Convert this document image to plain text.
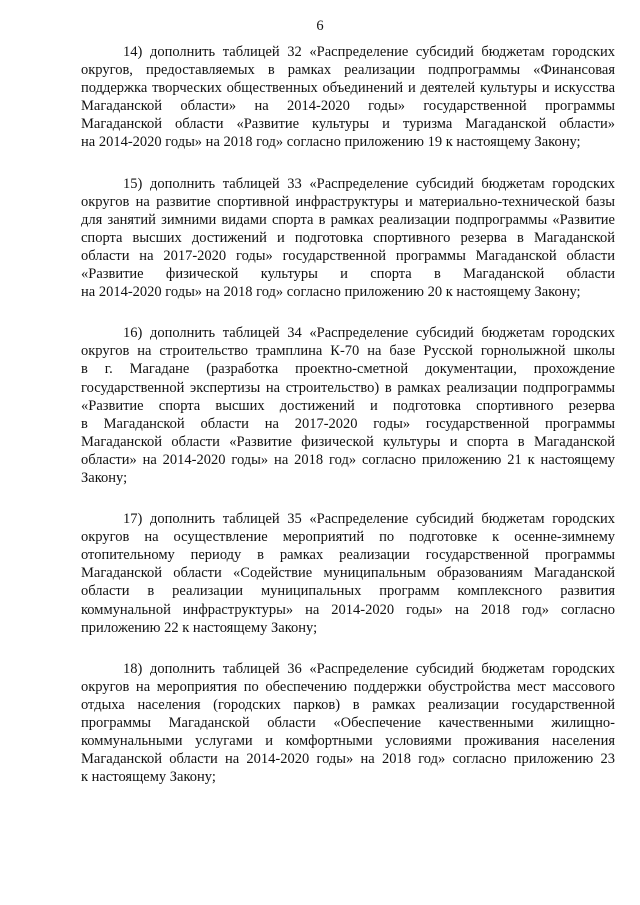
6
14) дополнить таблицей 32 «Распределение субсидий бюджетам городских
округов, предоставляемых в рамках реализации подпрограммы «Финансовая
поддержка творческих общественных объединений и деятелей культуры и искусства
Магаданской области» на 2014-2020 годы» государственной программы
Магаданской области «Развитие культуры и туризма Магаданской области»
на 2014-2020 годы» на 2018 год» согласно приложению 19 к настоящему Закону;
15) дополнить таблицей 33 «Распределение субсидий бюджетам городских
округов на развитие спортивной инфраструктуры и материально-технической базы
для занятий зимними видами спорта в рамках реализации подпрограммы «Развитие
спорта высших достижений и подготовка спортивного резерва в Магаданской
области на 2017-2020 годы» государственной программы Магаданской области
«Развитие физической культуры и спорта в Магаданской области
на 2014-2020 годы» на 2018 год» согласно приложению 20 к настоящему Закону;
16) дополнить таблицей 34 «Распределение субсидий бюджетам городских
округов на строительство трамплина К-70 на базе Русской горнолыжной школы
в г. Магадане (разработка проектно-сметной документации, прохождение
государственной экспертизы на строительство) в рамках реализации подпрограммы
«Развитие спорта высших достижений и подготовка спортивного резерва
в Магаданской области на 2017-2020 годы» государственной программы
Магаданской области «Развитие физической культуры и спорта в Магаданской
области» на 2014-2020 годы» на 2018 год» согласно приложению 21 к настоящему
Закону;
17) дополнить таблицей 35 «Распределение субсидий бюджетам городских
округов на осуществление мероприятий по подготовке к осенне-зимнему
отопительному периоду в рамках реализации государственной программы
Магаданской области «Содействие муниципальным образованиям Магаданской
области в реализации муниципальных программ комплексного развития
коммунальной инфраструктуры» на 2014-2020 годы» на 2018 год» согласно
приложению 22 к настоящему Закону;
18) дополнить таблицей 36 «Распределение субсидий бюджетам городских
округов на мероприятия по обеспечению поддержки обустройства мест массового
отдыха населения (городских парков) в рамках реализации государственной
программы Магаданской области «Обеспечение качественными жилищно-
коммунальными услугами и комфортными условиями проживания населения
Магаданской области на 2014-2020 годы» на 2018 год» согласно приложению 23
к настоящему Закону;
